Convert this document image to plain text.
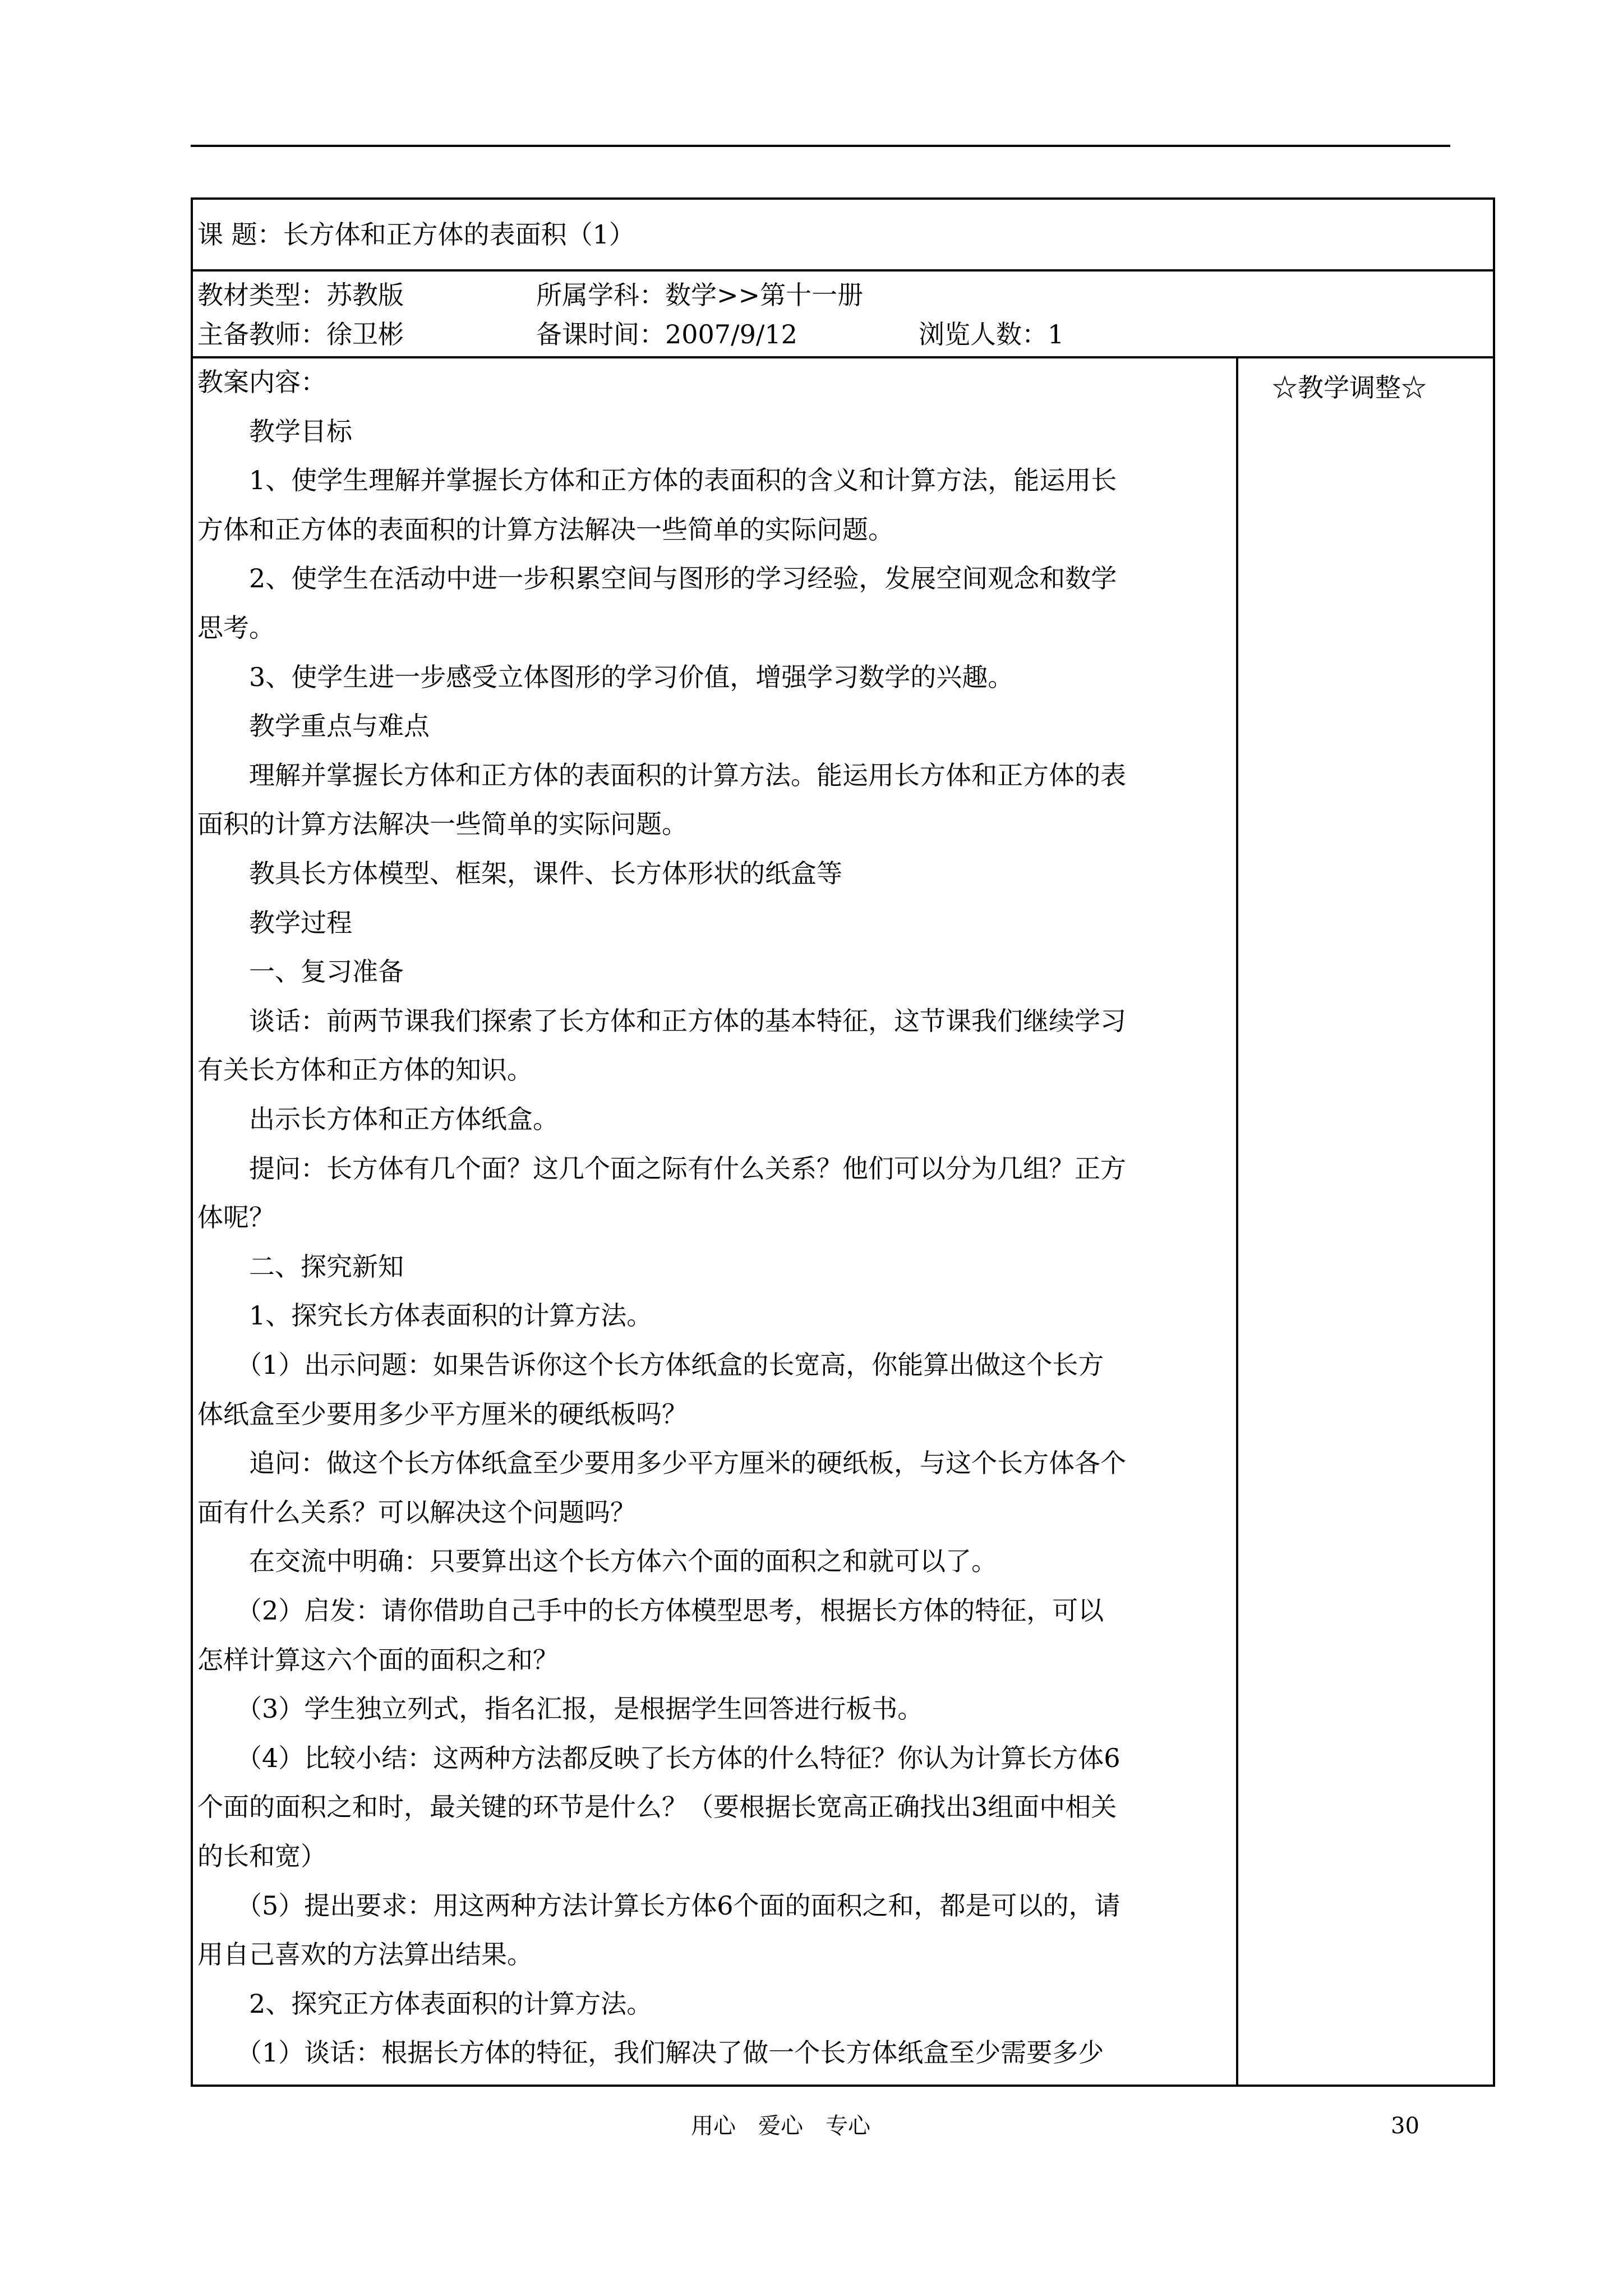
课 题：长方体和正方体的表面积（1）
教材类型：苏教版	所属学科：数学>>第十一册
主备教师：徐卫彬	备课时间：2007/9/12	浏览人数：1
教案内容：
　　教学目标
　　1、使学生理解并掌握长方体和正方体的表面积的含义和计算方法，能运用长
方体和正方体的表面积的计算方法解决一些简单的实际问题。
　　2、使学生在活动中进一步积累空间与图形的学习经验，发展空间观念和数学
思考。
　　3、使学生进一步感受立体图形的学习价值，增强学习数学的兴趣。
　　教学重点与难点
　　理解并掌握长方体和正方体的表面积的计算方法。能运用长方体和正方体的表
面积的计算方法解决一些简单的实际问题。
　　教具长方体模型、框架，课件、长方体形状的纸盒等
　　教学过程
　　一、复习准备
　　谈话：前两节课我们探索了长方体和正方体的基本特征，这节课我们继续学习
有关长方体和正方体的知识。
　　出示长方体和正方体纸盒。
　　提问：长方体有几个面？这几个面之际有什么关系？他们可以分为几组？正方
体呢？
　　二、探究新知
　　1、探究长方体表面积的计算方法。
　　（1）出示问题：如果告诉你这个长方体纸盒的长宽高，你能算出做这个长方
体纸盒至少要用多少平方厘米的硬纸板吗？
　　追问：做这个长方体纸盒至少要用多少平方厘米的硬纸板，与这个长方体各个
面有什么关系？可以解决这个问题吗？
　　在交流中明确：只要算出这个长方体六个面的面积之和就可以了。
　　（2）启发：请你借助自己手中的长方体模型思考，根据长方体的特征，可以
怎样计算这六个面的面积之和？
　　（3）学生独立列式，指名汇报，是根据学生回答进行板书。
　　（4）比较小结：这两种方法都反映了长方体的什么特征？你认为计算长方体6
个面的面积之和时，最关键的环节是什么？（要根据长宽高正确找出3组面中相关
的长和宽）
　　（5）提出要求：用这两种方法计算长方体6个面的面积之和，都是可以的，请
用自己喜欢的方法算出结果。
　　2、探究正方体表面积的计算方法。
　　（1）谈话：根据长方体的特征，我们解决了做一个长方体纸盒至少需要多少
☆教学调整☆
用心　爱心　专心	30
